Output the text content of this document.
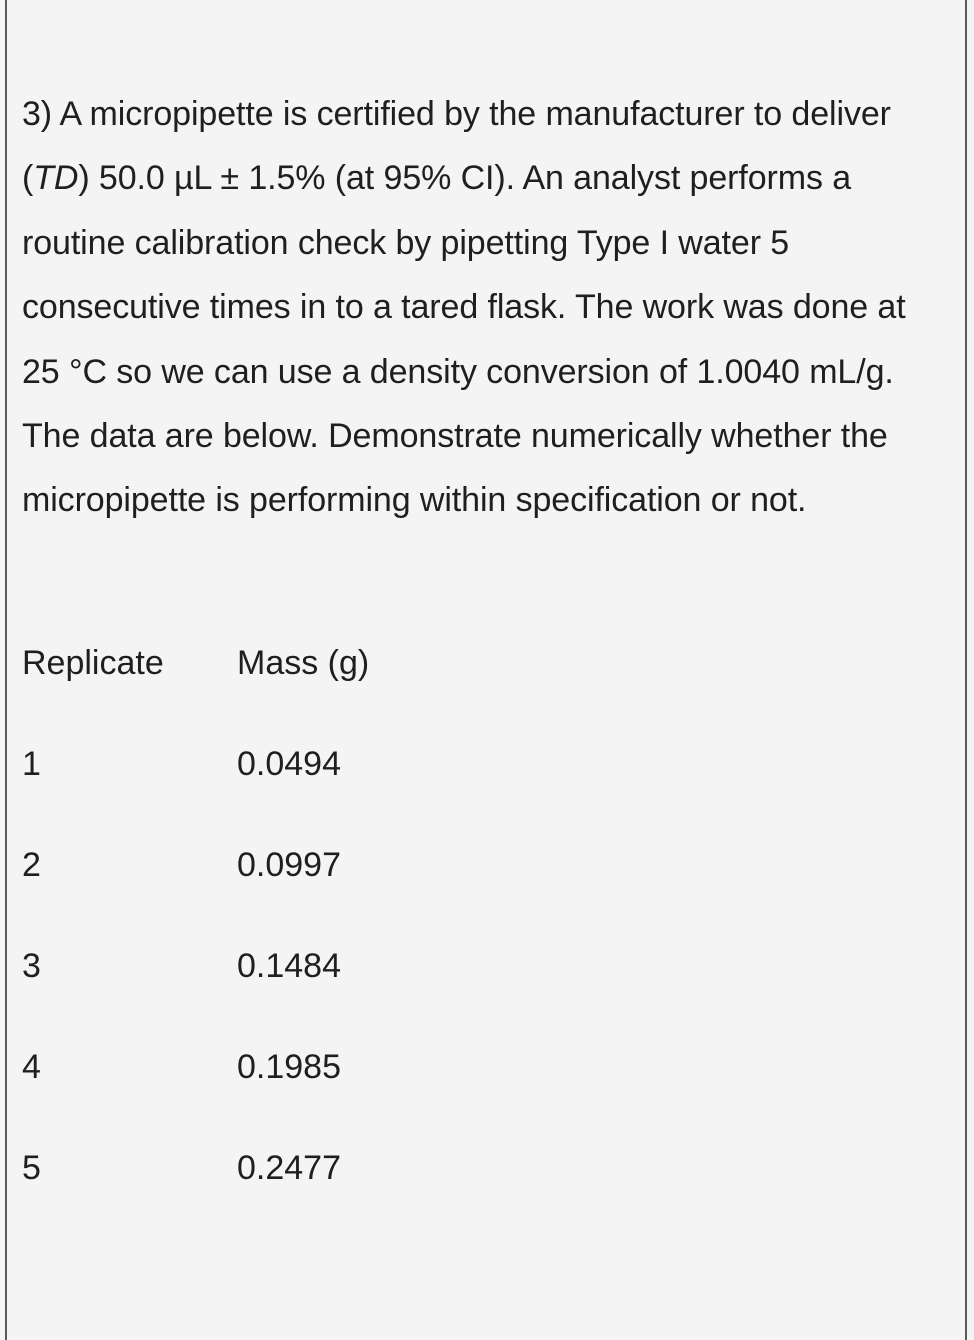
3) A micropipette is certified by the manufacturer to deliver (TD) 50.0 µL ± 1.5% (at 95% CI). An analyst performs a routine calibration check by pipetting Type I water 5 consecutive times in to a tared flask. The work was done at 25 °C so we can use a density conversion of 1.0040 mL/g. The data are below. Demonstrate numerically whether the micropipette is performing within specification or not.

Replicate Mass (g)
1	0.0494
2	0.0997
3	0.1484
4	0.1985
5	0.2477
